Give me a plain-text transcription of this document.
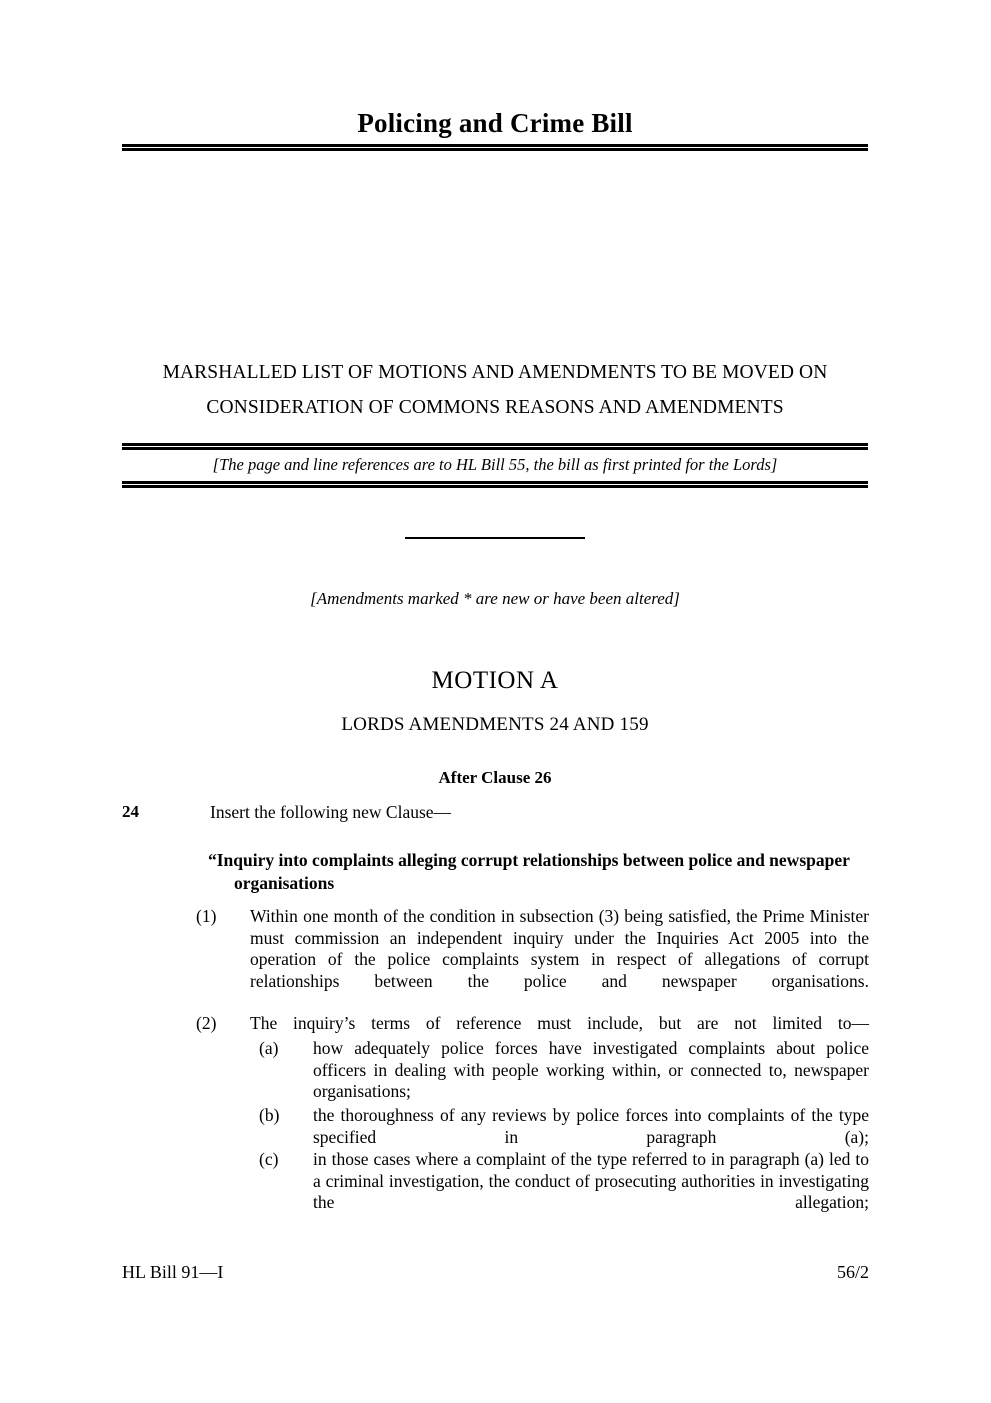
Policing and Crime Bill
MARSHALLED LIST OF MOTIONS AND AMENDMENTS TO BE MOVED ON
CONSIDERATION OF COMMONS REASONS AND AMENDMENTS
[The page and line references are to HL Bill 55, the bill as first printed for the Lords]
[Amendments marked * are new or have been altered]
MOTION A
LORDS AMENDMENTS 24 AND 159
After Clause 26
24	Insert the following new Clause—
“Inquiry into complaints alleging corrupt relationships between police and newspaper organisations
(1)	Within one month of the condition in subsection (3) being satisfied, the Prime Minister must commission an independent inquiry under the Inquiries Act 2005 into the operation of the police complaints system in respect of allegations of corrupt relationships between the police and newspaper organisations.
(2)	The inquiry’s terms of reference must include, but are not limited to—
(a)	how adequately police forces have investigated complaints about police officers in dealing with people working within, or connected to, newspaper organisations;
(b)	the thoroughness of any reviews by police forces into complaints of the type specified in paragraph (a);
(c)	in those cases where a complaint of the type referred to in paragraph (a) led to a criminal investigation, the conduct of prosecuting authorities in investigating the allegation;
HL Bill 91—I	56/2
